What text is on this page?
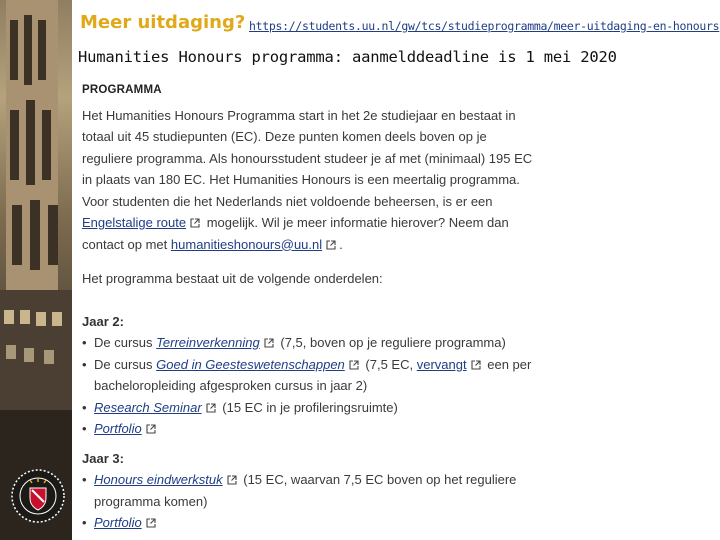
Meer uitdaging? https://students.uu.nl/gw/tcs/studieprogramma/meer-uitdaging-en-honours
Humanities Honours programma: aanmelddeadline is 1 mei 2020
PROGRAMMA

Het Humanities Honours Programma start in het 2e studiejaar en bestaat in

totaal uit 45 studiepunten (EC). Deze punten komen deels boven op je

reguliere programma. Als honoursstudent studeer je af met (minimaal) 195 EC

in plaats van 180 EC. Het Humanities Honours is een meertalig programma.

Voor studenten die het Nederlands niet voldoende beheersen, is er een

Engelstalige route mogelijk. Wil je meer informatie hierover? Neem dan

contact op met humanitieshonours@uu.nl .

Het programma bestaat uit de volgende onderdelen:
Jaar 2:
• De cursus Terreinverkenning (7,5, boven op je reguliere programma)
• De cursus Goed in Geesteswetenschappen (7,5 EC, vervangt een per
bacheloropleiding afgesproken cursus in jaar 2)
• Research Seminar (15 EC in je profileringsruimte)
• Portfolio
Jaar 3:
• Honours eindwerkstuk (15 EC, waarvan 7,5 EC boven op het reguliere
programma komen)
• Portfolio
